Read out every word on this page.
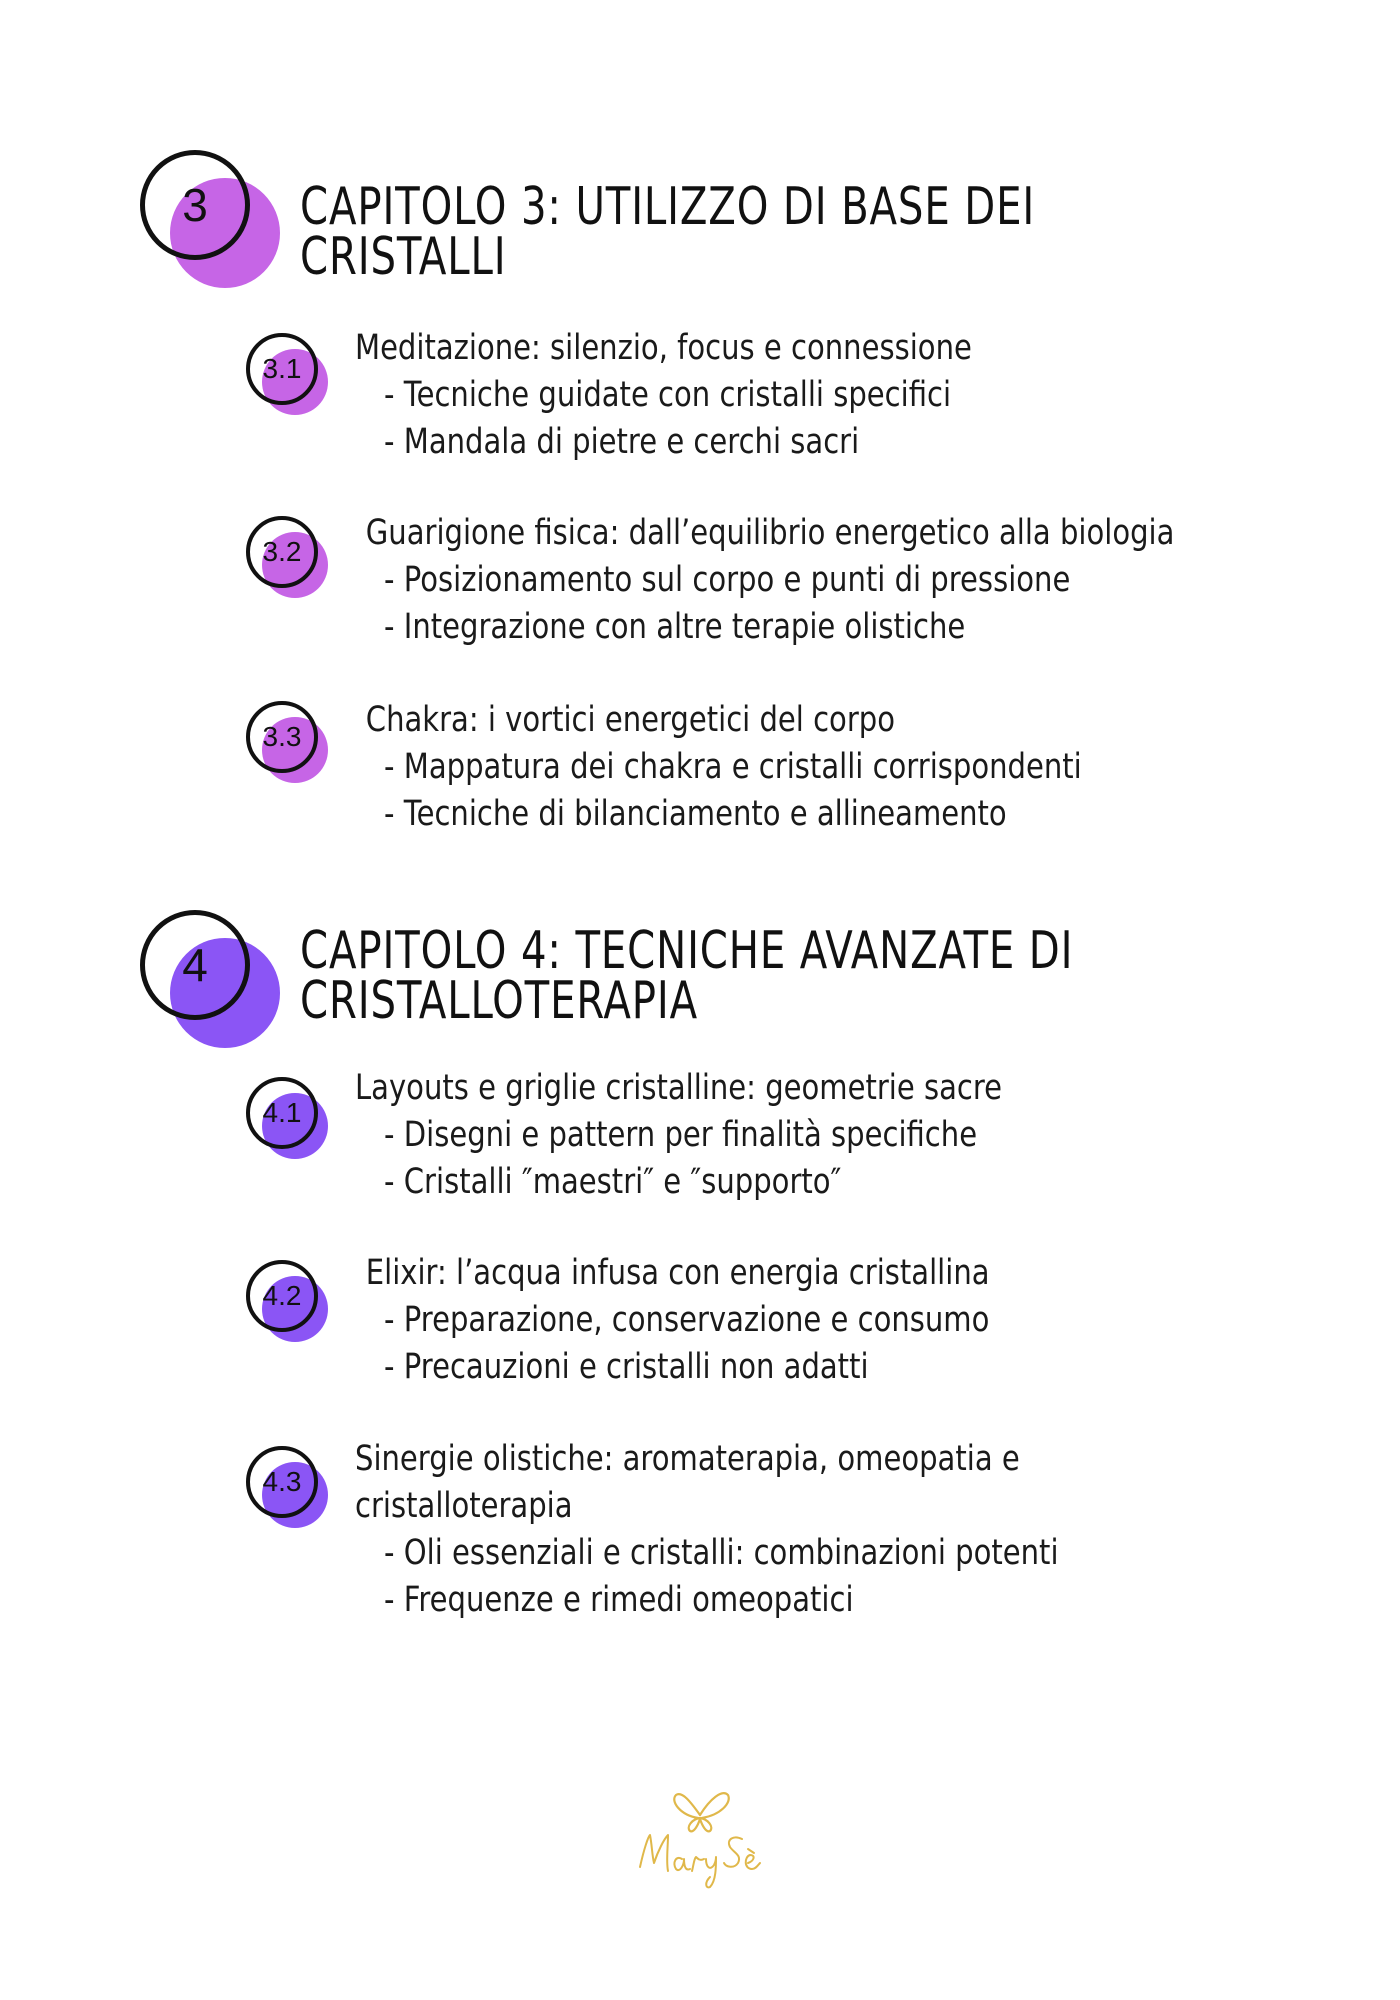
3	CAPITOLO 3: UTILIZZO DI BASE DEI
CRISTALLI
3.1
Meditazione: silenzio, focus e connessione
- Tecniche guidate con cristalli specifici
- Mandala di pietre e cerchi sacri
3.2	Guarigione fisica: dall’equilibrio energetico alla biologia
- Posizionamento sul corpo e punti di pressione
- Integrazione con altre terapie olistiche
3.3	Chakra: i vortici energetici del corpo
- Mappatura dei chakra e cristalli corrispondenti
- Tecniche di bilanciamento e allineamento
4	CAPITOLO 4: TECNICHE AVANZATE DI
CRISTALLOTERAPIA
4.1
Layouts e griglie cristalline: geometrie sacre
- Disegni e pattern per finalità specifiche
- Cristalli ″maestri″ e ″supporto″
4.2
Elixir: l’acqua infusa con energia cristallina
- Preparazione, conservazione e consumo
- Precauzioni e cristalli non adatti
4.3
Sinergie olistiche: aromaterapia, omeopatia e cristalloterapia
- Oli essenziali e cristalli: combinazioni potenti
- Frequenze e rimedi omeopatici
